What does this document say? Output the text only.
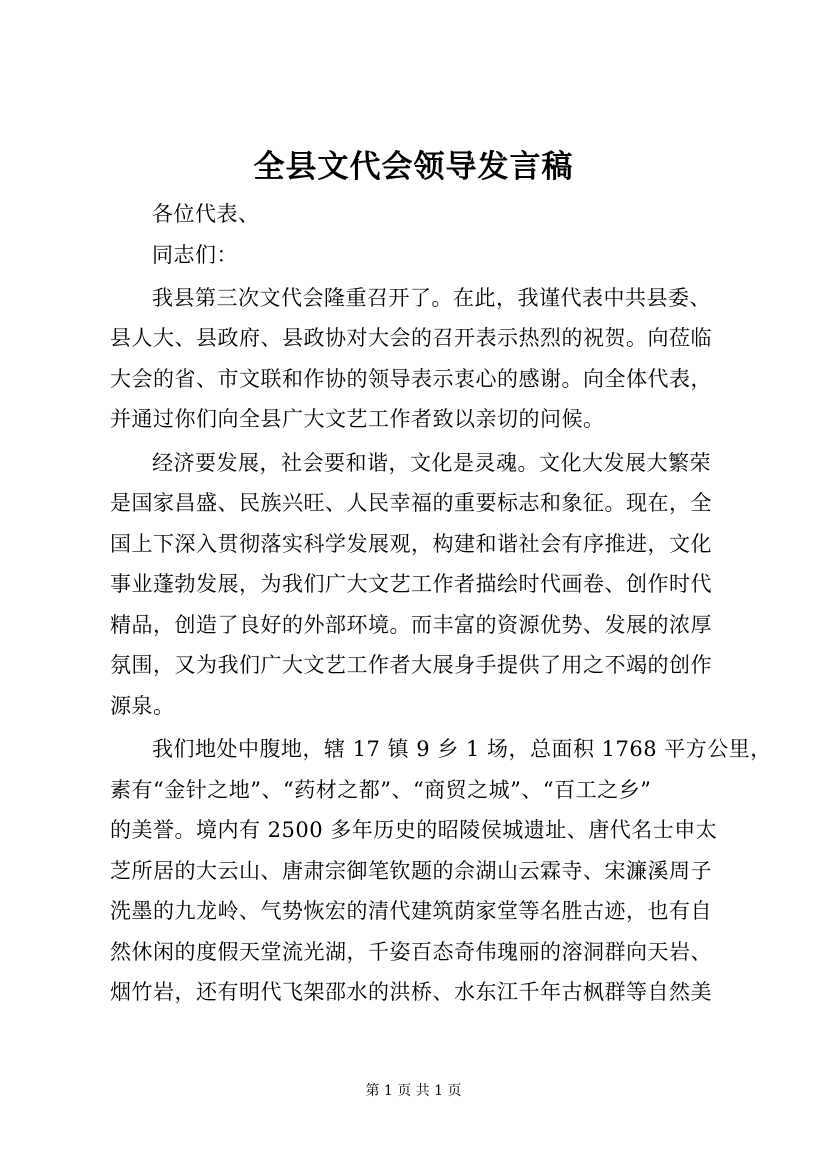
全县文代会领导发言稿
各位代表、
同志们：
我县第三次文代会隆重召开了。在此，我谨代表中共县委、
县人大、县政府、县政协对大会的召开表示热烈的祝贺。向莅临
大会的省、市文联和作协的领导表示衷心的感谢。向全体代表，
并通过你们向全县广大文艺工作者致以亲切的问候。
经济要发展，社会要和谐，文化是灵魂。文化大发展大繁荣
是国家昌盛、民族兴旺、人民幸福的重要标志和象征。现在，全
国上下深入贯彻落实科学发展观，构建和谐社会有序推进，文化
事业蓬勃发展，为我们广大文艺工作者描绘时代画卷、创作时代
精品，创造了良好的外部环境。而丰富的资源优势、发展的浓厚
氛围，又为我们广大文艺工作者大展身手提供了用之不竭的创作
源泉。
我们地处中腹地，辖 17 镇 9 乡 1 场，总面积 1768 平方公里，
素有“金针之地”、“药材之都”、“商贸之城”、“百工之乡”
的美誉。境内有 2500 多年历史的昭陵侯城遗址、唐代名士申太
芝所居的大云山、唐肃宗御笔钦题的佘湖山云霖寺、宋濂溪周子
洗墨的九龙岭、气势恢宏的清代建筑荫家堂等名胜古迹，也有自
然休闲的度假天堂流光湖，千姿百态奇伟瑰丽的溶洞群向天岩、
烟竹岩，还有明代飞架邵水的洪桥、水东江千年古枫群等自然美
第 1 页 共 1 页
